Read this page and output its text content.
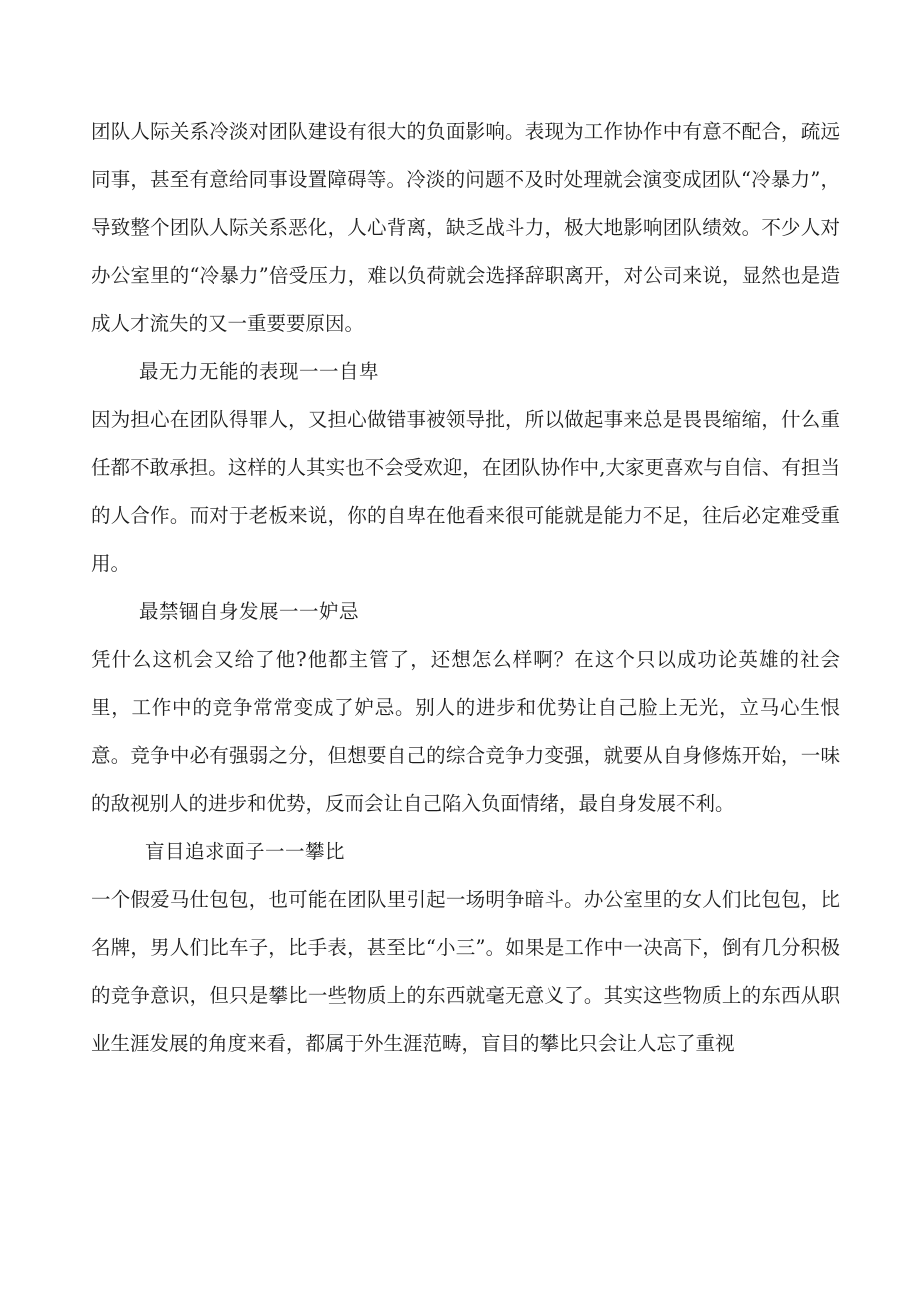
团队人际关系冷淡对团队建设有很大的负面影响。表现为工作协作中有意不配合，疏远同事，甚至有意给同事设置障碍等。冷淡的问题不及时处理就会演变成团队“冷暴力”，导致整个团队人际关系恶化，人心背离，缺乏战斗力，极大地影响团队绩效。不少人对办公室里的“冷暴力”倍受压力，难以负荷就会选择辞职离开，对公司来说，显然也是造成人才流失的又一重要要原因。

最无力无能的表现一一自卑

因为担心在团队得罪人，又担心做错事被领导批，所以做起事来总是畏畏缩缩，什么重任都不敢承担。这样的人其实也不会受欢迎，在团队协作中,大家更喜欢与自信、有担当的人合作。而对于老板来说，你的自卑在他看来很可能就是能力不足，往后必定难受重用。

最禁锢自身发展一一妒忌

凭什么这机会又给了他?他都主管了，还想怎么样啊？在这个只以成功论英雄的社会里，工作中的竞争常常变成了妒忌。别人的进步和优势让自己脸上无光，立马心生恨意。竞争中必有强弱之分，但想要自己的综合竞争力变强，就要从自身修炼开始，一味的敌视别人的进步和优势，反而会让自己陷入负面情绪，最自身发展不利。

盲目追求面子一一攀比

一个假爱马仕包包，也可能在团队里引起一场明争暗斗。办公室里的女人们比包包，比名牌，男人们比车子，比手表，甚至比“小三”。如果是工作中一决高下，倒有几分积极的竞争意识，但只是攀比一些物质上的东西就毫无意义了。其实这些物质上的东西从职业生涯发展的角度来看，都属于外生涯范畴，盲目的攀比只会让人忘了重视
